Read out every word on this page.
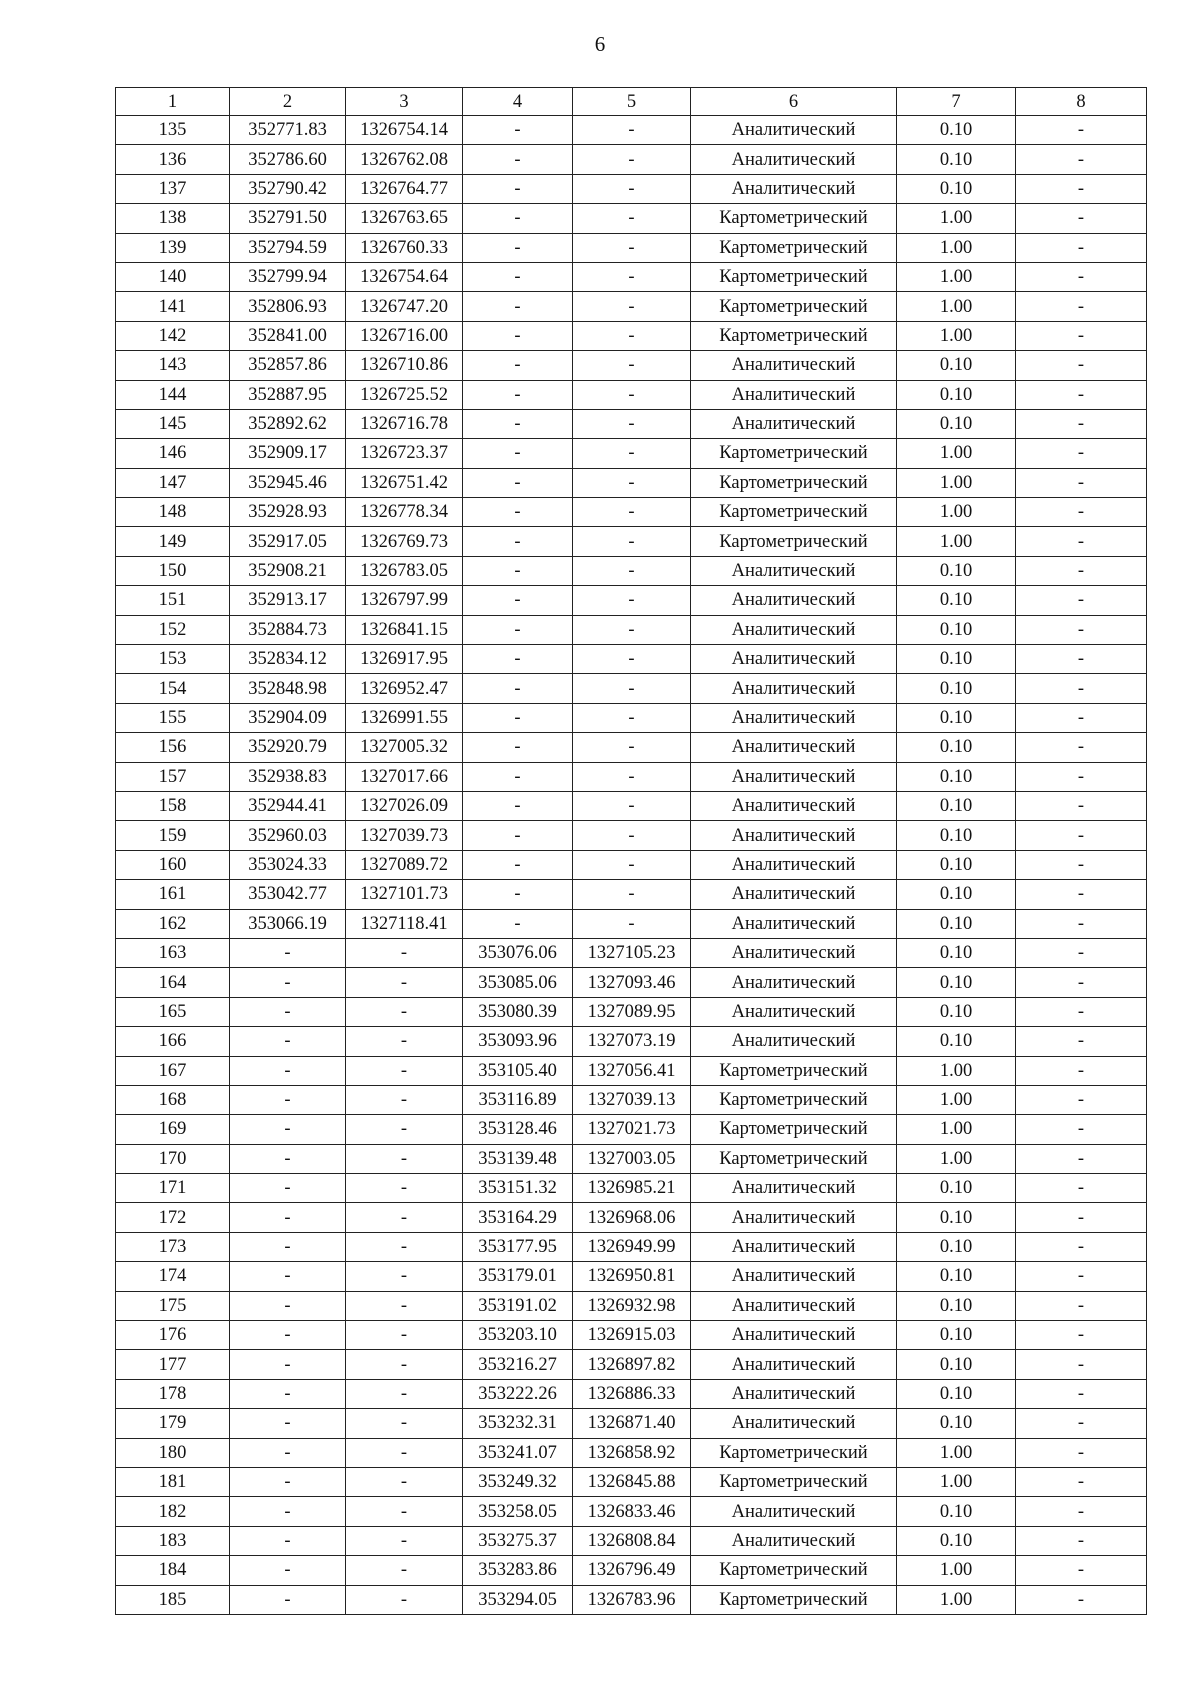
6
1	2	3	4	5	6	7	8
135	352771.83	1326754.14	-	-	Аналитический	0.10	-
136	352786.60	1326762.08	-	-	Аналитический	0.10	-
137	352790.42	1326764.77	-	-	Аналитический	0.10	-
138	352791.50	1326763.65	-	-	Картометрический	1.00	-
139	352794.59	1326760.33	-	-	Картометрический	1.00	-
140	352799.94	1326754.64	-	-	Картометрический	1.00	-
141	352806.93	1326747.20	-	-	Картометрический	1.00	-
142	352841.00	1326716.00	-	-	Картометрический	1.00	-
143	352857.86	1326710.86	-	-	Аналитический	0.10	-
144	352887.95	1326725.52	-	-	Аналитический	0.10	-
145	352892.62	1326716.78	-	-	Аналитический	0.10	-
146	352909.17	1326723.37	-	-	Картометрический	1.00	-
147	352945.46	1326751.42	-	-	Картометрический	1.00	-
148	352928.93	1326778.34	-	-	Картометрический	1.00	-
149	352917.05	1326769.73	-	-	Картометрический	1.00	-
150	352908.21	1326783.05	-	-	Аналитический	0.10	-
151	352913.17	1326797.99	-	-	Аналитический	0.10	-
152	352884.73	1326841.15	-	-	Аналитический	0.10	-
153	352834.12	1326917.95	-	-	Аналитический	0.10	-
154	352848.98	1326952.47	-	-	Аналитический	0.10	-
155	352904.09	1326991.55	-	-	Аналитический	0.10	-
156	352920.79	1327005.32	-	-	Аналитический	0.10	-
157	352938.83	1327017.66	-	-	Аналитический	0.10	-
158	352944.41	1327026.09	-	-	Аналитический	0.10	-
159	352960.03	1327039.73	-	-	Аналитический	0.10	-
160	353024.33	1327089.72	-	-	Аналитический	0.10	-
161	353042.77	1327101.73	-	-	Аналитический	0.10	-
162	353066.19	1327118.41	-	-	Аналитический	0.10	-
163	-	-	353076.06	1327105.23	Аналитический	0.10	-
164	-	-	353085.06	1327093.46	Аналитический	0.10	-
165	-	-	353080.39	1327089.95	Аналитический	0.10	-
166	-	-	353093.96	1327073.19	Аналитический	0.10	-
167	-	-	353105.40	1327056.41	Картометрический	1.00	-
168	-	-	353116.89	1327039.13	Картометрический	1.00	-
169	-	-	353128.46	1327021.73	Картометрический	1.00	-
170	-	-	353139.48	1327003.05	Картометрический	1.00	-
171	-	-	353151.32	1326985.21	Аналитический	0.10	-
172	-	-	353164.29	1326968.06	Аналитический	0.10	-
173	-	-	353177.95	1326949.99	Аналитический	0.10	-
174	-	-	353179.01	1326950.81	Аналитический	0.10	-
175	-	-	353191.02	1326932.98	Аналитический	0.10	-
176	-	-	353203.10	1326915.03	Аналитический	0.10	-
177	-	-	353216.27	1326897.82	Аналитический	0.10	-
178	-	-	353222.26	1326886.33	Аналитический	0.10	-
179	-	-	353232.31	1326871.40	Аналитический	0.10	-
180	-	-	353241.07	1326858.92	Картометрический	1.00	-
181	-	-	353249.32	1326845.88	Картометрический	1.00	-
182	-	-	353258.05	1326833.46	Аналитический	0.10	-
183	-	-	353275.37	1326808.84	Аналитический	0.10	-
184	-	-	353283.86	1326796.49	Картометрический	1.00	-
185	-	-	353294.05	1326783.96	Картометрический	1.00	-
